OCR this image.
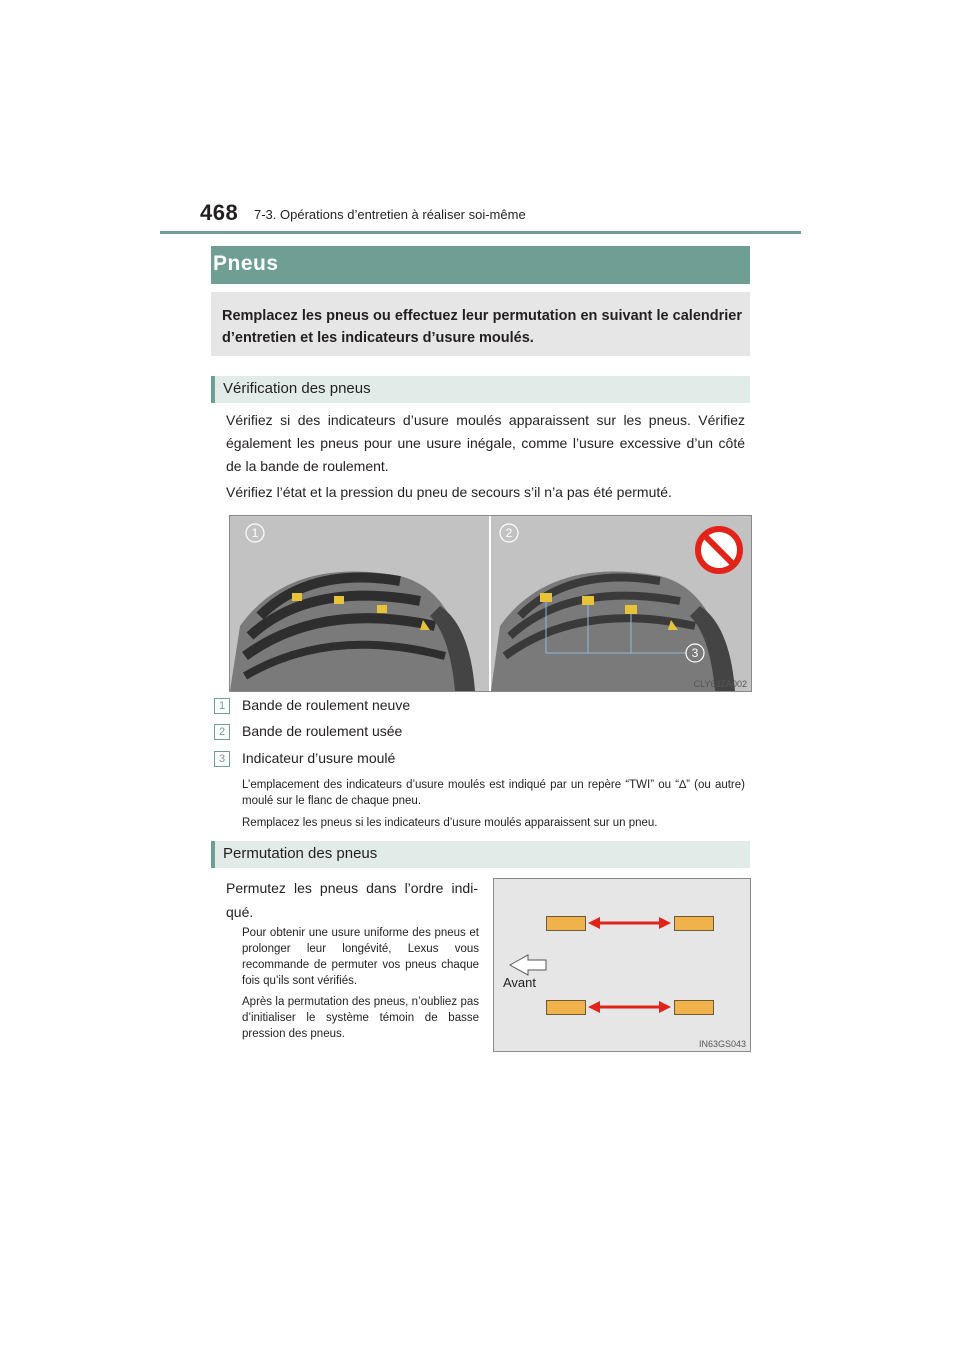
468 7-3. Opérations d’entretien à réaliser soi-même
Pneus
Remplacez les pneus ou effectuez leur permutation en suivant le calendrier d’entretien et les indicateurs d’usure moulés.
Vérification des pneus
Vérifiez si des indicateurs d’usure moulés apparaissent sur les pneus. Vérifiez également les pneus pour une usure inégale, comme l’usure excessive d’un côté de la bande de roulement.
Vérifiez l’état et la pression du pneu de secours s’il n’a pas été permuté.
1	2
3
CLY63ZA002
1	Bande de roulement neuve
2	Bande de roulement usée
3	Indicateur d’usure moulé
L’emplacement des indicateurs d’usure moulés est indiqué par un repère “TWI” ou “∆” (ou autre) moulé sur le flanc de chaque pneu.
Remplacez les pneus si les indicateurs d’usure moulés apparaissent sur un pneu.
Permutation des pneus
Permutez les pneus dans l’ordre indi-qué.
Pour obtenir une usure uniforme des pneus et prolonger leur longévité, Lexus vous recommande de permuter vos pneus chaque fois qu’ils sont vérifiés.
Après la permutation des pneus, n’oubliez pas d’initialiser le système témoin de basse pression des pneus.
Avant
IN63GS043
